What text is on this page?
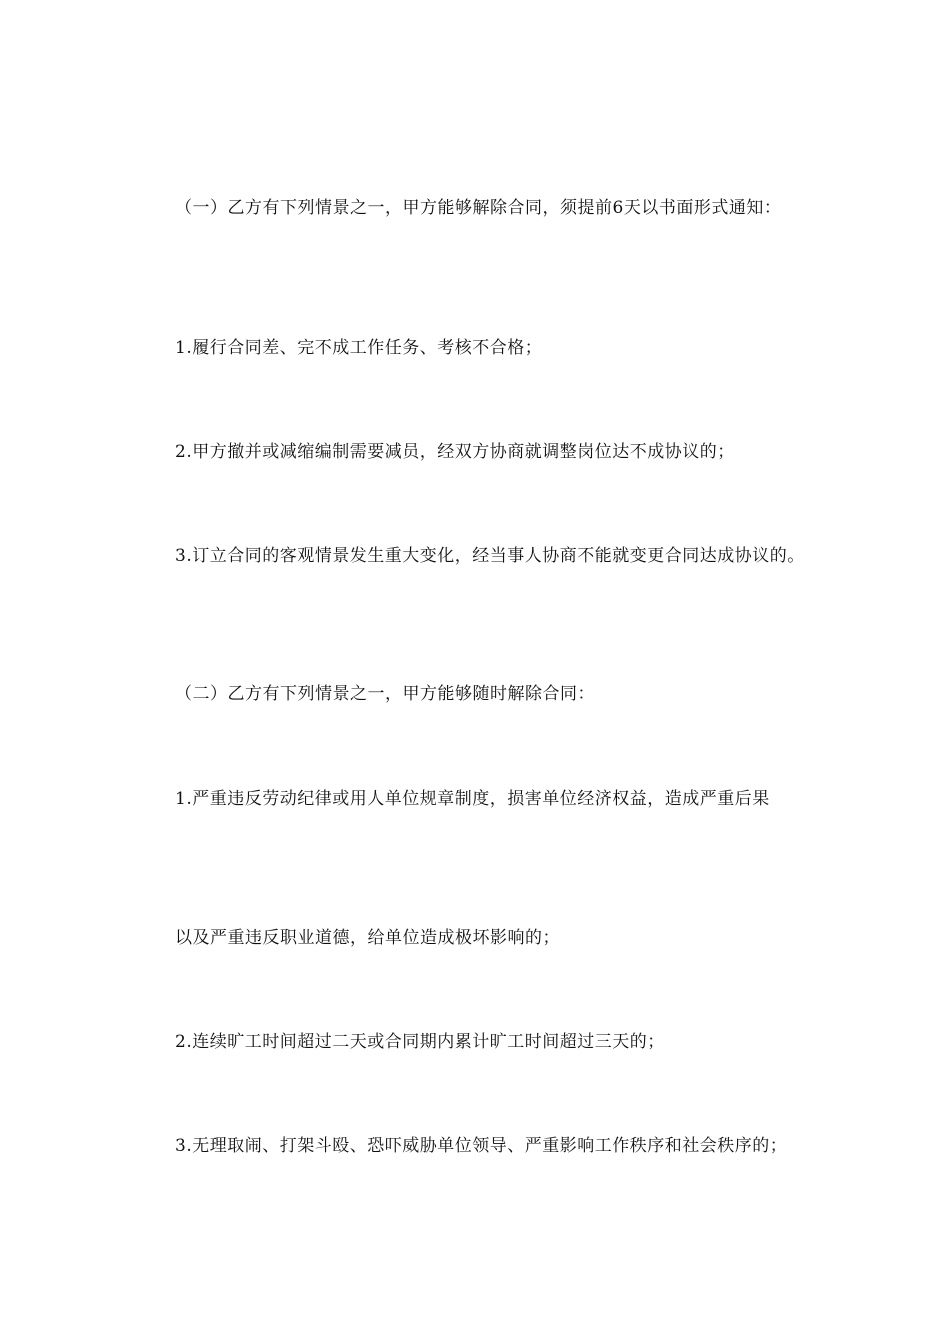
（一）乙方有下列情景之一，甲方能够解除合同，须提前6天以书面形式通知：

1.履行合同差、完不成工作任务、考核不合格；

2.甲方撤并或减缩编制需要减员，经双方协商就调整岗位达不成协议的；

3.订立合同的客观情景发生重大变化，经当事人协商不能就变更合同达成协议的。

（二）乙方有下列情景之一，甲方能够随时解除合同：

1.严重违反劳动纪律或用人单位规章制度，损害单位经济权益，造成严重后果

以及严重违反职业道德，给单位造成极坏影响的；

2.连续旷工时间超过二天或合同期内累计旷工时间超过三天的；

3.无理取闹、打架斗殴、恐吓威胁单位领导、严重影响工作秩序和社会秩序的；
